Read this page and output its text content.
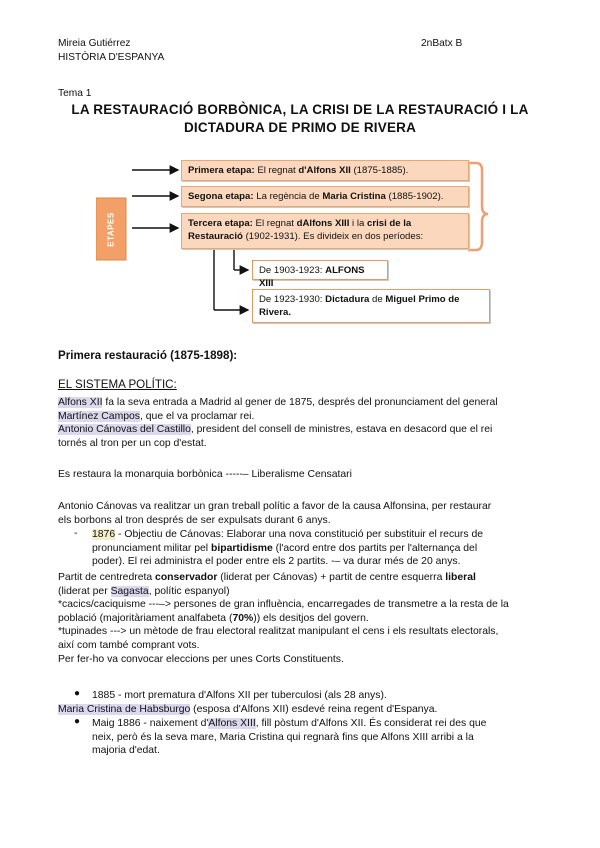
Mireia Gutiérrez
HISTÒRIA D'ESPANYA
2nBatx B
Tema 1
LA RESTAURACIÓ BORBÒNICA, LA CRISI DE LA RESTAURACIÓ I LA
DICTADURA DE PRIMO DE RIVERA
ETAPES
Primera etapa: El regnat d'Alfons XII (1875-1885).
Segona etapa: La regència de Maria Cristina (1885-1902).
Tercera etapa: El regnat dAlfons XIII i la crisi de la
Restauració (1902-1931). Es divideix en dos períodes:
De 1903-1923: ALFONS XIII
De 1923-1930: Dictadura de Miguel Primo de
Rivera.
Primera restauració (1875-1898):
EL SISTEMA POLÍTIC:
Alfons XII fa la seva entrada a Madrid al gener de 1875, després del pronunciament del general
Martínez Campos, que el va proclamar rei.
Antonio Cánovas del Castillo, president del consell de ministres, estava en desacord que el rei
tornés al tron per un cop d'estat.
Es restaura la monarquia borbònica -----– Liberalisme Censatari
Antonio Cánovas va realitzar un gran treball polític a favor de la causa Alfonsina, per restaurar
els borbons al tron després de ser expulsats durant 6 anys.
- 1876 - Objectiu de Cánovas: Elaborar una nova constitució per substituir el recurs de
pronunciament militar pel bipartidisme (l'acord entre dos partits per l'alternança del
poder). El rei administra el poder entre els 2 partits. -– va durar més de 20 anys.
Partit de centredreta conservador (liderat per Cánovas) + partit de centre esquerra liberal
(liderat per Sagasta, polític espanyol)
*cacics/caciquisme ---–> persones de gran influència, encarregades de transmetre a la resta de la
població (majoritàriament analfabeta (70%)) els desitjos del govern.
*tupinades ---> un mètode de frau electoral realitzat manipulant el cens i els resultats electorals,
així com també comprant vots.
Per fer-ho va convocar eleccions per unes Corts Constituents.
● 1885 - mort prematura d'Alfons XII per tuberculosi (als 28 anys).
Maria Cristina de Habsburgo (esposa d'Alfons XII) esdevé reina regent d'Espanya.
● Maig 1886 - naixement d'Alfons XIII, fill pòstum d'Alfons XII. És considerat rei des que
neix, però és la seva mare, Maria Cristina qui regnarà fins que Alfons XIII arribi a la
majoria d'edat.
